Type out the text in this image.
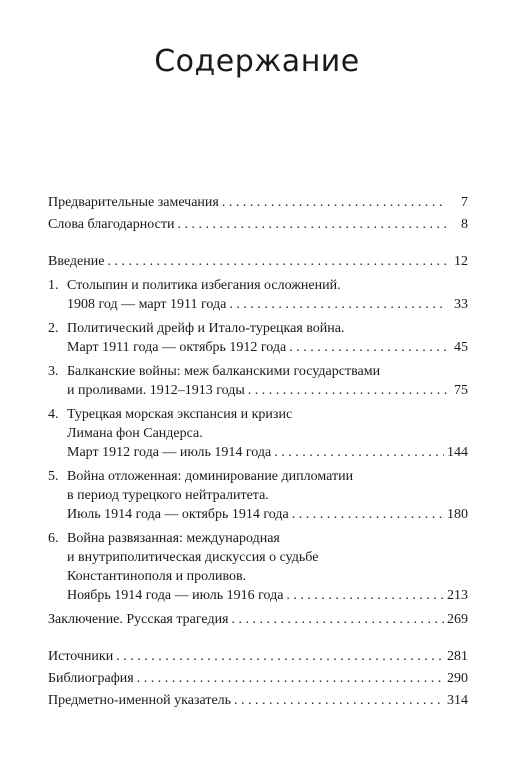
Содержание
Предварительные замечания . . .	7
Слова благодарности . . .	8
Введение . . .	12
1. Столыпин и политика избегания осложнений.
1908 год — март 1911 года . . .	33
2. Политический дрейф и Итало-турецкая война.
Март 1911 года — октябрь 1912 года . . .	45
3. Балканские войны: меж балканскими государствами
и проливами. 1912–1913 годы . . .	75
4. Турецкая морская экспансия и кризис
Лимана фон Сандерса.
Март 1912 года — июль 1914 года . . .	144
5. Война отложенная: доминирование дипломатии
в период турецкого нейтралитета.
Июль 1914 года — октябрь 1914 года . . .	180
6. Война развязанная: международная
и внутриполитическая дискуссия о судьбе
Константинополя и проливов.
Ноябрь 1914 года — июль 1916 года . . .	213
Заключение. Русская трагедия . . .	269
Источники . . .	281
Библиография . . .	290
Предметно-именной указатель . . .	314
